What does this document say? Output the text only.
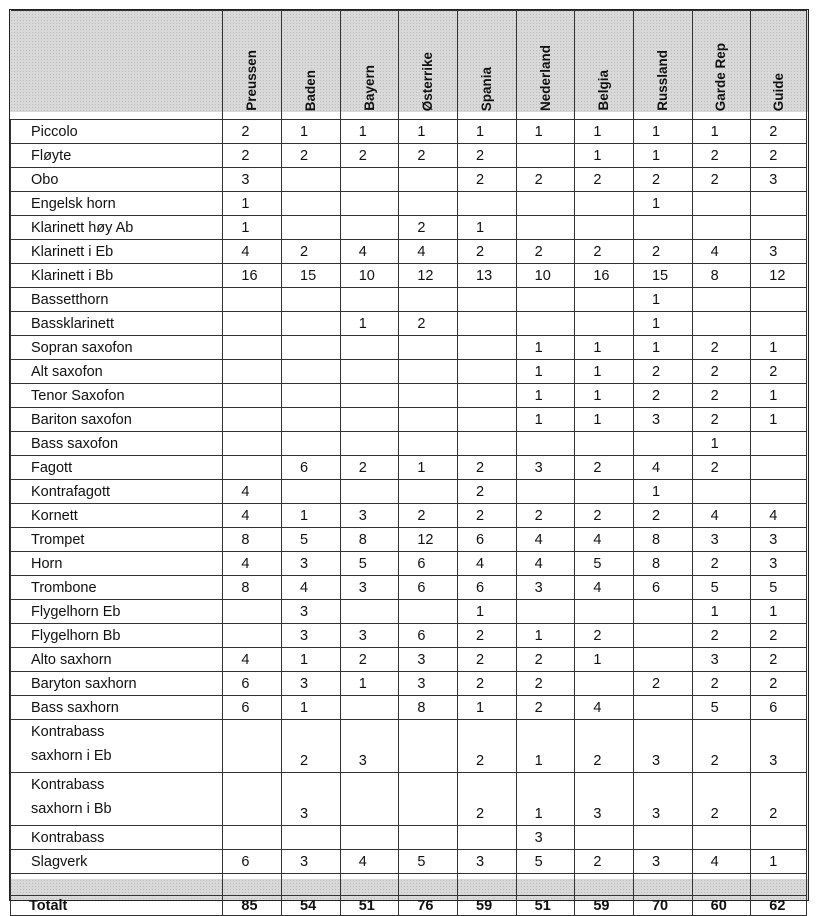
	Preussen	Baden	Bayern	Østerrike	Spania	Nederland	Belgia	Russland	Garde Rep	Guide

Piccolo	2	1	1	1	1	1	1	1	1	2
Fløyte	2	2	2	2	2		1	1	2	2
Obo	3				2	2	2	2	2	3
Engelsk horn	1							1		
Klarinett høy Ab	1			2	1					
Klarinett i Eb	4	2	4	4	2	2	2	2	4	3
Klarinett i Bb	16	15	10	12	13	10	16	15	8	12
Bassetthorn								1		
Bassklarinett			1	2				1		
Sopran saxofon						1	1	1	2	1
Alt saxofon						1	1	2	2	2
Tenor Saxofon						1	1	2	2	1
Bariton saxofon						1	1	3	2	1
Bass saxofon									1	
Fagott		6	2	1	2	3	2	4	2	
Kontrafagott	4				2			1		
Kornett	4	1	3	2	2	2	2	2	4	4
Trompet	8	5	8	12	6	4	4	8	3	3
Horn	4	3	5	6	4	4	5	8	2	3
Trombone	8	4	3	6	6	3	4	6	5	5
Flygelhorn Eb		3			1				1	1
Flygelhorn Bb		3	3	6	2	1	2		2	2
Alto saxhorn	4	1	2	3	2	2	1		3	2
Baryton saxhorn	6	3	1	3	2	2		2	2	2
Bass saxhorn	6	1		8	1	2	4		5	6
Kontrabass
saxhorn i Eb		2	3		2	1	2	3	2	3
Kontrabass
saxhorn i Bb		3			2	1	3	3	2	2
Kontrabass						3				
Slagverk	6	3	4	5	3	5	2	3	4	1

Totalt	85	54	51	76	59	51	59	70	60	62
